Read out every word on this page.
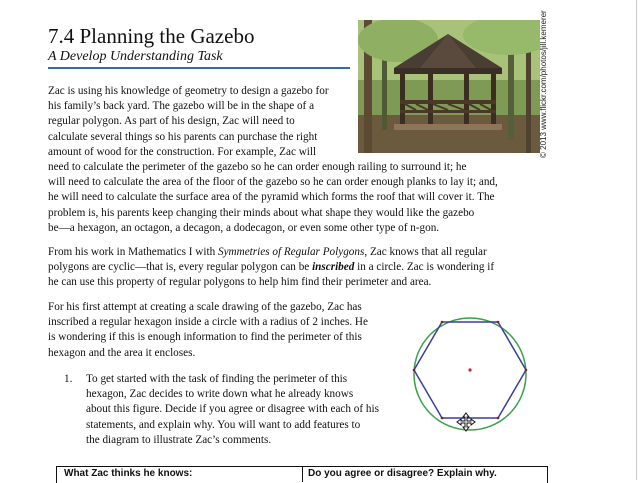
7.4 Planning the Gazebo
A Develop Understanding Task	© 2013 www.flickr.com/photos/jill.kemerer

Zac is using his knowledge of geometry to design a gazebo for
his family’s back yard. The gazebo will be in the shape of a
regular polygon. As part of his design, Zac will need to
calculate several things so his parents can purchase the right
amount of wood for the construction. For example, Zac will
need to calculate the perimeter of the gazebo so he can order enough railing to surround it; he
will need to calculate the area of the floor of the gazebo so he can order enough planks to lay it; and,
he will need to calculate the surface area of the pyramid which forms the roof that will cover it. The
problem is, his parents keep changing their minds about what shape they would like the gazebo
be—a hexagon, an octagon, a decagon, a dodecagon, or even some other type of n-gon.

From his work in Mathematics I with Symmetries of Regular Polygons, Zac knows that all regular
polygons are cyclic—that is, every regular polygon can be inscribed in a circle. Zac is wondering if
he can use this property of regular polygons to help him find their perimeter and area.

For his first attempt at creating a scale drawing of the gazebo, Zac has
inscribed a regular hexagon inside a circle with a radius of 2 inches. He
is wondering if this is enough information to find the perimeter of this
hexagon and the area it encloses.

1.	To get started with the task of finding the perimeter of this
hexagon, Zac decides to write down what he already knows
about this figure. Decide if you agree or disagree with each of his
statements, and explain why. You will want to add features to
the diagram to illustrate Zac’s comments.
What Zac thinks he knows:	Do you agree or disagree? Explain why.
